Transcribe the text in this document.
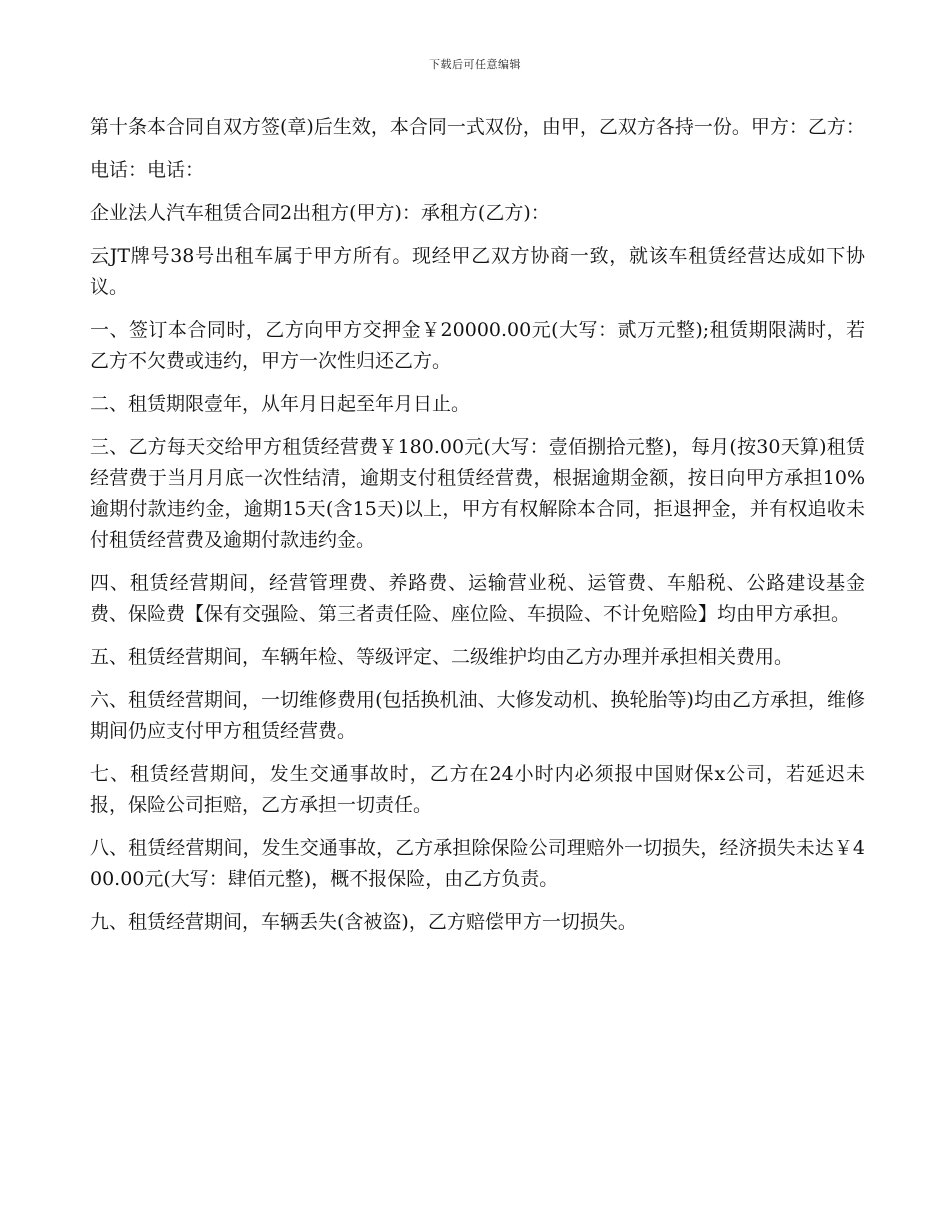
下载后可任意编辑

第十条本合同自双方签(章)后生效，本合同一式双份，由甲，乙双方各持一份。甲方：乙方：

电话：电话：

企业法人汽车租赁合同2出租方(甲方)：承租方(乙方)：

云JT牌号38号出租车属于甲方所有。现经甲乙双方协商一致，就该车租赁经营达成如下协议。

一、签订本合同时，乙方向甲方交押金￥20000.00元(大写：贰万元整);租赁期限满时，若乙方不欠费或违约，甲方一次性归还乙方。

二、租赁期限壹年，从年月日起至年月日止。

三、乙方每天交给甲方租赁经营费￥180.00元(大写：壹佰捌拾元整)，每月(按30天算)租赁经营费于当月月底一次性结清，逾期支付租赁经营费，根据逾期金额，按日向甲方承担10%逾期付款违约金，逾期15天(含15天)以上，甲方有权解除本合同，拒退押金，并有权追收未付租赁经营费及逾期付款违约金。

四、租赁经营期间，经营管理费、养路费、运输营业税、运管费、车船税、公路建设基金费、保险费【保有交强险、第三者责任险、座位险、车损险、不计免赔险】均由甲方承担。

五、租赁经营期间，车辆年检、等级评定、二级维护均由乙方办理并承担相关费用。

六、租赁经营期间，一切维修费用(包括换机油、大修发动机、换轮胎等)均由乙方承担，维修期间仍应支付甲方租赁经营费。

七、租赁经营期间，发生交通事故时，乙方在24小时内必须报中国财保x公司，若延迟未报，保险公司拒赔，乙方承担一切责任。

八、租赁经营期间，发生交通事故，乙方承担除保险公司理赔外一切损失，经济损失未达￥400.00元(大写：肆佰元整)，概不报保险，由乙方负责。

九、租赁经营期间，车辆丢失(含被盗)，乙方赔偿甲方一切损失。
